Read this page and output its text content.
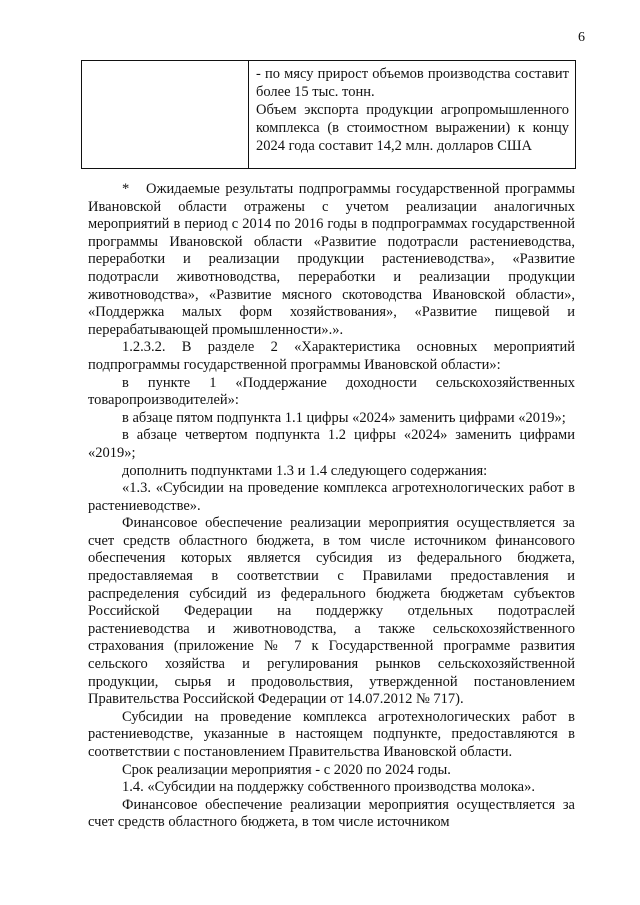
6

- по мясу прирост объемов производства составит более 15 тыс. тонн.

Объем экспорта продукции агропромышленного комплекса (в стоимостном выражении) к концу 2024 года составит 14,2 млн. долларов США

* Ожидаемые результаты подпрограммы государственной программы Ивановской области отражены с учетом реализации аналогичных мероприятий в период с 2014 по 2016 годы в подпрограммах государственной программы Ивановской области «Развитие подотрасли растениеводства, переработки и реализации продукции растениеводства», «Развитие подотрасли животноводства, переработки и реализации продукции животноводства», «Развитие мясного скотоводства Ивановской области», «Поддержка малых форм хозяйствования», «Развитие пищевой и перерабатывающей промышленности».».

1.2.3.2. В разделе 2 «Характеристика основных мероприятий подпрограммы государственной программы Ивановской области»:

в пункте 1 «Поддержание доходности сельскохозяйственных товаропроизводителей»:

в абзаце пятом подпункта 1.1 цифры «2024» заменить цифрами «2019»;

в абзаце четвертом подпункта 1.2 цифры «2024» заменить цифрами «2019»;

дополнить подпунктами 1.3 и 1.4 следующего содержания:

«1.3. «Субсидии на проведение комплекса агротехнологических работ в растениеводстве».

Финансовое обеспечение реализации мероприятия осуществляется за счет средств областного бюджета, в том числе источником финансового обеспечения которых является субсидия из федерального бюджета, предоставляемая в соответствии с Правилами предоставления и распределения субсидий из федерального бюджета бюджетам субъектов Российской Федерации на поддержку отдельных подотраслей растениеводства и животноводства, а также сельскохозяйственного страхования (приложение № 7 к Государственной программе развития сельского хозяйства и регулирования рынков сельскохозяйственной продукции, сырья и продовольствия, утвержденной постановлением Правительства Российской Федерации от 14.07.2012 № 717).

Субсидии на проведение комплекса агротехнологических работ в растениеводстве, указанные в настоящем подпункте, предоставляются в соответствии с постановлением Правительства Ивановской области.

Срок реализации мероприятия - с 2020 по 2024 годы.

1.4. «Субсидии на поддержку собственного производства молока».

Финансовое обеспечение реализации мероприятия осуществляется за счет средств областного бюджета, в том числе источником
